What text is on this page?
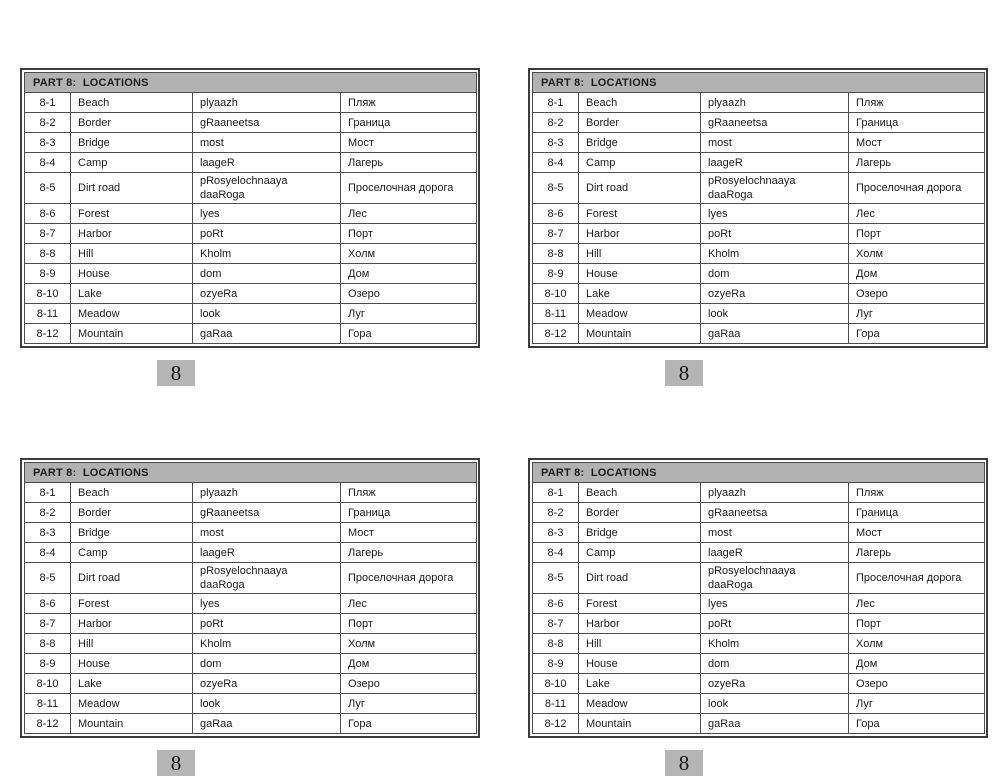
PART 8:  LOCATIONS			
8-1	Beach	plyaazh	Пляж
8-2	Border	gRaaneetsa	Граница
8-3	Bridge	most	Мост
8-4	Camp	laageR	Лагерь
8-5	Dirt road	pRosyelochnaaya daaRoga	Проселочная дорога
8-6	Forest	lyes	Лес
8-7	Harbor	poRt	Порт
8-8	Hill	Kholm	Холм
8-9	House	dom	Дом
8-10	Lake	ozyeRa	Озеро
8-11	Meadow	look	Луг
8-12	Mountain	gaRaa	Гора
8
PART 8:  LOCATIONS			
8-1	Beach	plyaazh	Пляж
8-2	Border	gRaaneetsa	Граница
8-3	Bridge	most	Мост
8-4	Camp	laageR	Лагерь
8-5	Dirt road	pRosyelochnaaya daaRoga	Проселочная дорога
8-6	Forest	lyes	Лес
8-7	Harbor	poRt	Порт
8-8	Hill	Kholm	Холм
8-9	House	dom	Дом
8-10	Lake	ozyeRa	Озеро
8-11	Meadow	look	Луг
8-12	Mountain	gaRaa	Гора
8
PART 8:  LOCATIONS			
8-1	Beach	plyaazh	Пляж
8-2	Border	gRaaneetsa	Граница
8-3	Bridge	most	Мост
8-4	Camp	laageR	Лагерь
8-5	Dirt road	pRosyelochnaaya daaRoga	Проселочная дорога
8-6	Forest	lyes	Лес
8-7	Harbor	poRt	Порт
8-8	Hill	Kholm	Холм
8-9	House	dom	Дом
8-10	Lake	ozyeRa	Озеро
8-11	Meadow	look	Луг
8-12	Mountain	gaRaa	Гора
8
PART 8:  LOCATIONS			
8-1	Beach	plyaazh	Пляж
8-2	Border	gRaaneetsa	Граница
8-3	Bridge	most	Мост
8-4	Camp	laageR	Лагерь
8-5	Dirt road	pRosyelochnaaya daaRoga	Проселочная дорога
8-6	Forest	lyes	Лес
8-7	Harbor	poRt	Порт
8-8	Hill	Kholm	Холм
8-9	House	dom	Дом
8-10	Lake	ozyeRa	Озеро
8-11	Meadow	look	Луг
8-12	Mountain	gaRaa	Гора
8
